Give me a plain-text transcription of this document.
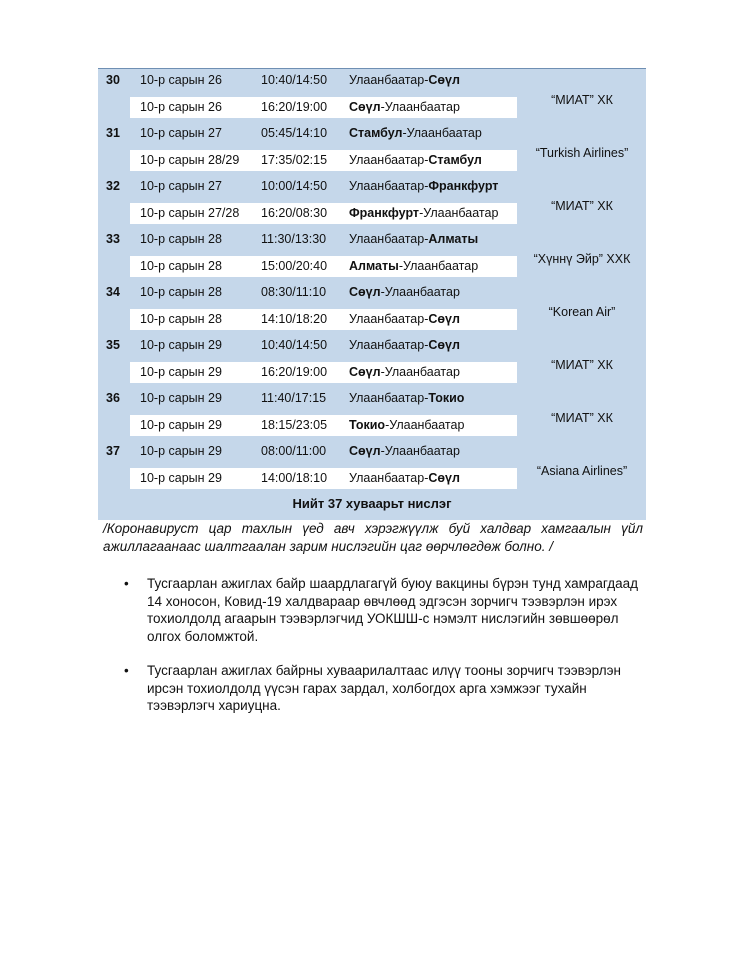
30 10-р сарын 26	10:40/14:50 Улаанбаатар-Сөүл
10-р сарын 26	16:20/19:00 Сөүл-Улаанбаатар	“МИАТ” ХК
31 10-р сарын 27	05:45/14:10 Стамбул-Улаанбаатар
10-р сарын 28/29 17:35/02:15 Улаанбаатар-Стамбул	“Turkish Airlines”
32 10-р сарын 27	10:00/14:50 Улаанбаатар-Франкфурт
10-р сарын 27/28 16:20/08:30 Франкфурт-Улаанбаатар	“МИАТ” ХК
33 10-р сарын 28	11:30/13:30 Улаанбаатар-Алматы
10-р сарын 28	15:00/20:40 Алматы-Улаанбаатар	“Хүннү Эйр” ХХК
34 10-р сарын 28	08:30/11:10 Сөүл-Улаанбаатар
10-р сарын 28	14:10/18:20 Улаанбаатар-Сөүл	“Korean Air”
35 10-р сарын 29	10:40/14:50 Улаанбаатар-Сөүл
10-р сарын 29	16:20/19:00 Сөүл-Улаанбаатар	“МИАТ” ХК
36 10-р сарын 29	11:40/17:15 Улаанбаатар-Токио
10-р сарын 29	18:15/23:05 Токио-Улаанбаатар	“МИАТ” ХК
37 10-р сарын 29	08:00/11:00 Сөүл-Улаанбаатар
10-р сарын 29	14:00/18:10 Улаанбаатар-Сөүл	“Asiana Airlines”
Нийт 37 хуваарьт нислэг
/Коронавируст цар тахлын үед авч хэрэгжүүлж буй халдвар хамгаалын үйл ажиллагаанаас шалтгаалан зарим нислэгийн цаг өөрчлөгдөж болно. /
• Тусгаарлан ажиглах байр шаардлагагүй буюу вакцины бүрэн тунд хамрагдаад 14 хоносон, Ковид-19 халдвараар өвчлөөд эдгэсэн зорчигч тээвэрлэн ирэх тохиолдолд агаарын тээвэрлэгчид УОКШШ-с нэмэлт нислэгийн зөвшөөрөл олгох боломжтой.
• Тусгаарлан ажиглах байрны хуваарилалтаас илүү тооны зорчигч тээвэрлэн ирсэн тохиолдолд үүсэн гарах зардал, холбогдох арга хэмжээг тухайн тээвэрлэгч хариуцна.
